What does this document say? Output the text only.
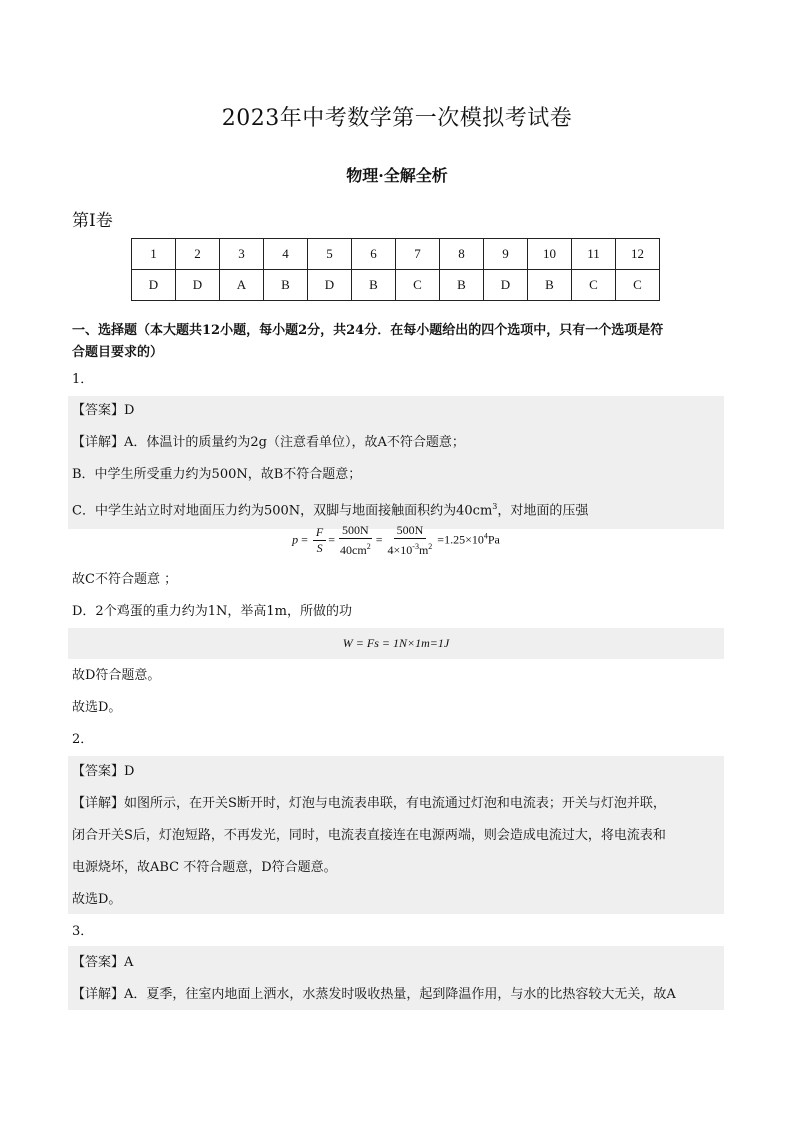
2023年中考数学第一次模拟考试卷
物理·全解全析
第Ⅰ卷
1	2	3	4	5	6	7	8	9	10	11	12
D	D	A	B	D	B	C	B	D	B	C	C
一、选择题（本大题共12小题，每小题2分，共24分．在每小题给出的四个选项中，只有一个选项是符
合题目要求的）
1．
【答案】D
【详解】A．体温计的质量约为2g（注意看单位），故A不符合题意；
B．中学生所受重力约为500N，故B不符合题意；
C．中学生站立时对地面压力约为500N，双脚与地面接触面积约为$40cm^3$，对地面的压强
$p = \frac{F}{S} = \frac{500N}{40cm^2} = \frac{500N}{4\times 10^{-3}m^2} =1.25\times 10^4Pa$
故C不符合题意 ；
D．2个鸡蛋的重力约为1N，举高1m，所做的功
W = Fs = 1N×1m=1J
故D符合题意。
故选D。
2．
【答案】D
【详解】如图所示，在开关S断开时，灯泡与电流表串联，有电流通过灯泡和电流表；开关与灯泡并联，
闭合开关S后，灯泡短路，不再发光，同时，电流表直接连在电源两端，则会造成电流过大，将电流表和
电源烧坏，故ABC 不符合题意，D符合题意。
故选D。
3．
【答案】A
【详解】A．夏季，往室内地面上洒水，水蒸发时吸收热量，起到降温作用，与水的比热容较大无关，故A
